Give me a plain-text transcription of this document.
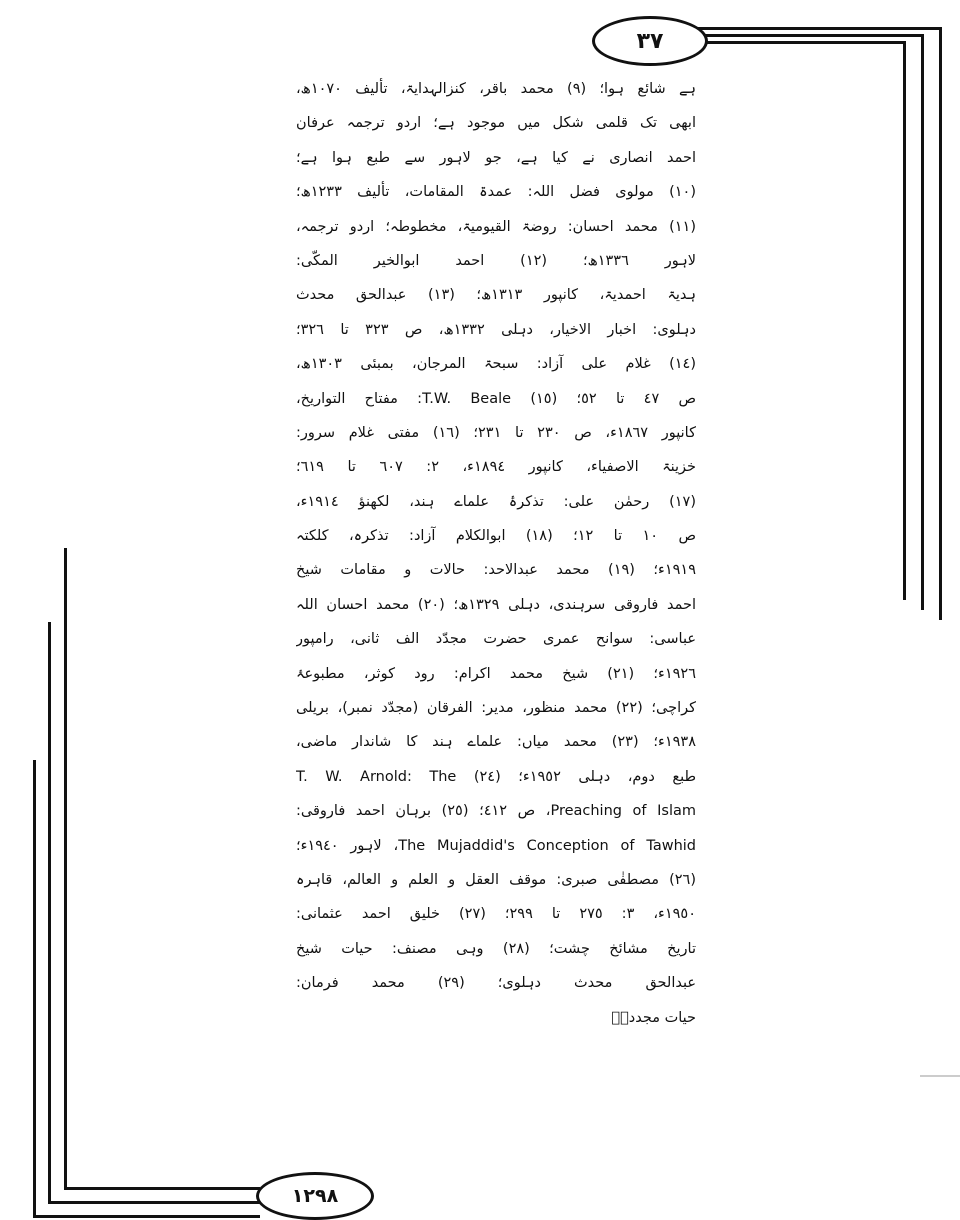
٣٧
١٢٩٨
ہے شائع ہوا؛ (۹) محمد باقر، کنزالہدایۃ، تألیف ١٠٧٠ھ،
ابھی تک قلمی شکل میں موجود ہے؛ اردو ترجمہ عرفان
احمد انصاری نے کیا ہے، جو لاہور سے طبع ہوا ہے؛
(١٠) مولوی فضل اللہ: عمدۃ المقامات، تألیف ١٢٣٣ھ؛
(١١) محمد احسان: روضۃ القیومیۃ، مخطوطہ؛ اردو ترجمہ،
لاہور ١٣٣٦ھ؛ (١٢) احمد ابوالخیر المکّی:
ہدیۃ احمدیۃ، کانپور ١٣١٣ھ؛ (١٣) عبدالحق محدث
دہلوی: اخبار الاخیار، دہلی ١٣٣٢ھ، ص ٣٢٣ تا ٣٢٦؛
(١٤) غلام علی آزاد: سبحۃ المرجان، بمبئی ١٣٠٣ھ،
ص ٤٧ تا ٥٢؛ (١٥) T.W. Beale: مفتاح التواریخ،
کانپور ١٨٦٧ء، ص ٢٣٠ تا ٢٣١؛ (١٦) مفتی غلام سرور:
خزینۃ الاصفیاء، کانپور ١٨٩٤ء، ٢: ٦٠٧ تا ٦١٩؛
(١٧) رحمٰن علی: تذکرۂ علماے ہند، لکھنؤ ١٩١٤ء،
ص ١٠ تا ١٢؛ (١٨) ابوالکلام آزاد: تذکرہ، کلکتہ
١٩١٩ء؛ (١٩) محمد عبدالاحد: حالات و مقامات شیخ
احمد فاروقی سرہندی، دہلی ١٣٢٩ھ؛ (٢٠) محمد احسان اللہ
عباسی: سوانح عمری حضرت مجدّد الف ثانی، رامپور
١٩٢٦ء؛ (٢١) شیخ محمد اکرام: رود کوثر، مطبوعۂ
کراچی؛ (٢٢) محمد منظور، مدیر: الفرقان (مجدّد نمبر)، بریلی
١٩٣٨ء؛ (٢٣) محمد میاں: علماے ہند کا شاندار ماضی،
طبع دوم، دہلی ١٩٥٢ء؛ (٢٤) T. W. Arnold: The
Preaching of Islam، ص ٤١٢؛ (٢٥) برہان احمد فاروقی:
The Mujaddid's Conception of Tawhid، لاہور ١٩٤٠ء؛
(٢٦) مصطفٰی صبری: موقف العقل و العلم و العالم، قاہرہ
١٩٥٠ء، ٣: ٢٧٥ تا ٢٩٩؛ (٢٧) خلیق احمد عثمانی:
تاریخ مشائخ چشت؛ (٢٨) وہی مصنف: حیات شیخ
عبدالحق محدث دہلوی؛ (٢٩) محمد فرمان:
حیات مجددؒ۔
